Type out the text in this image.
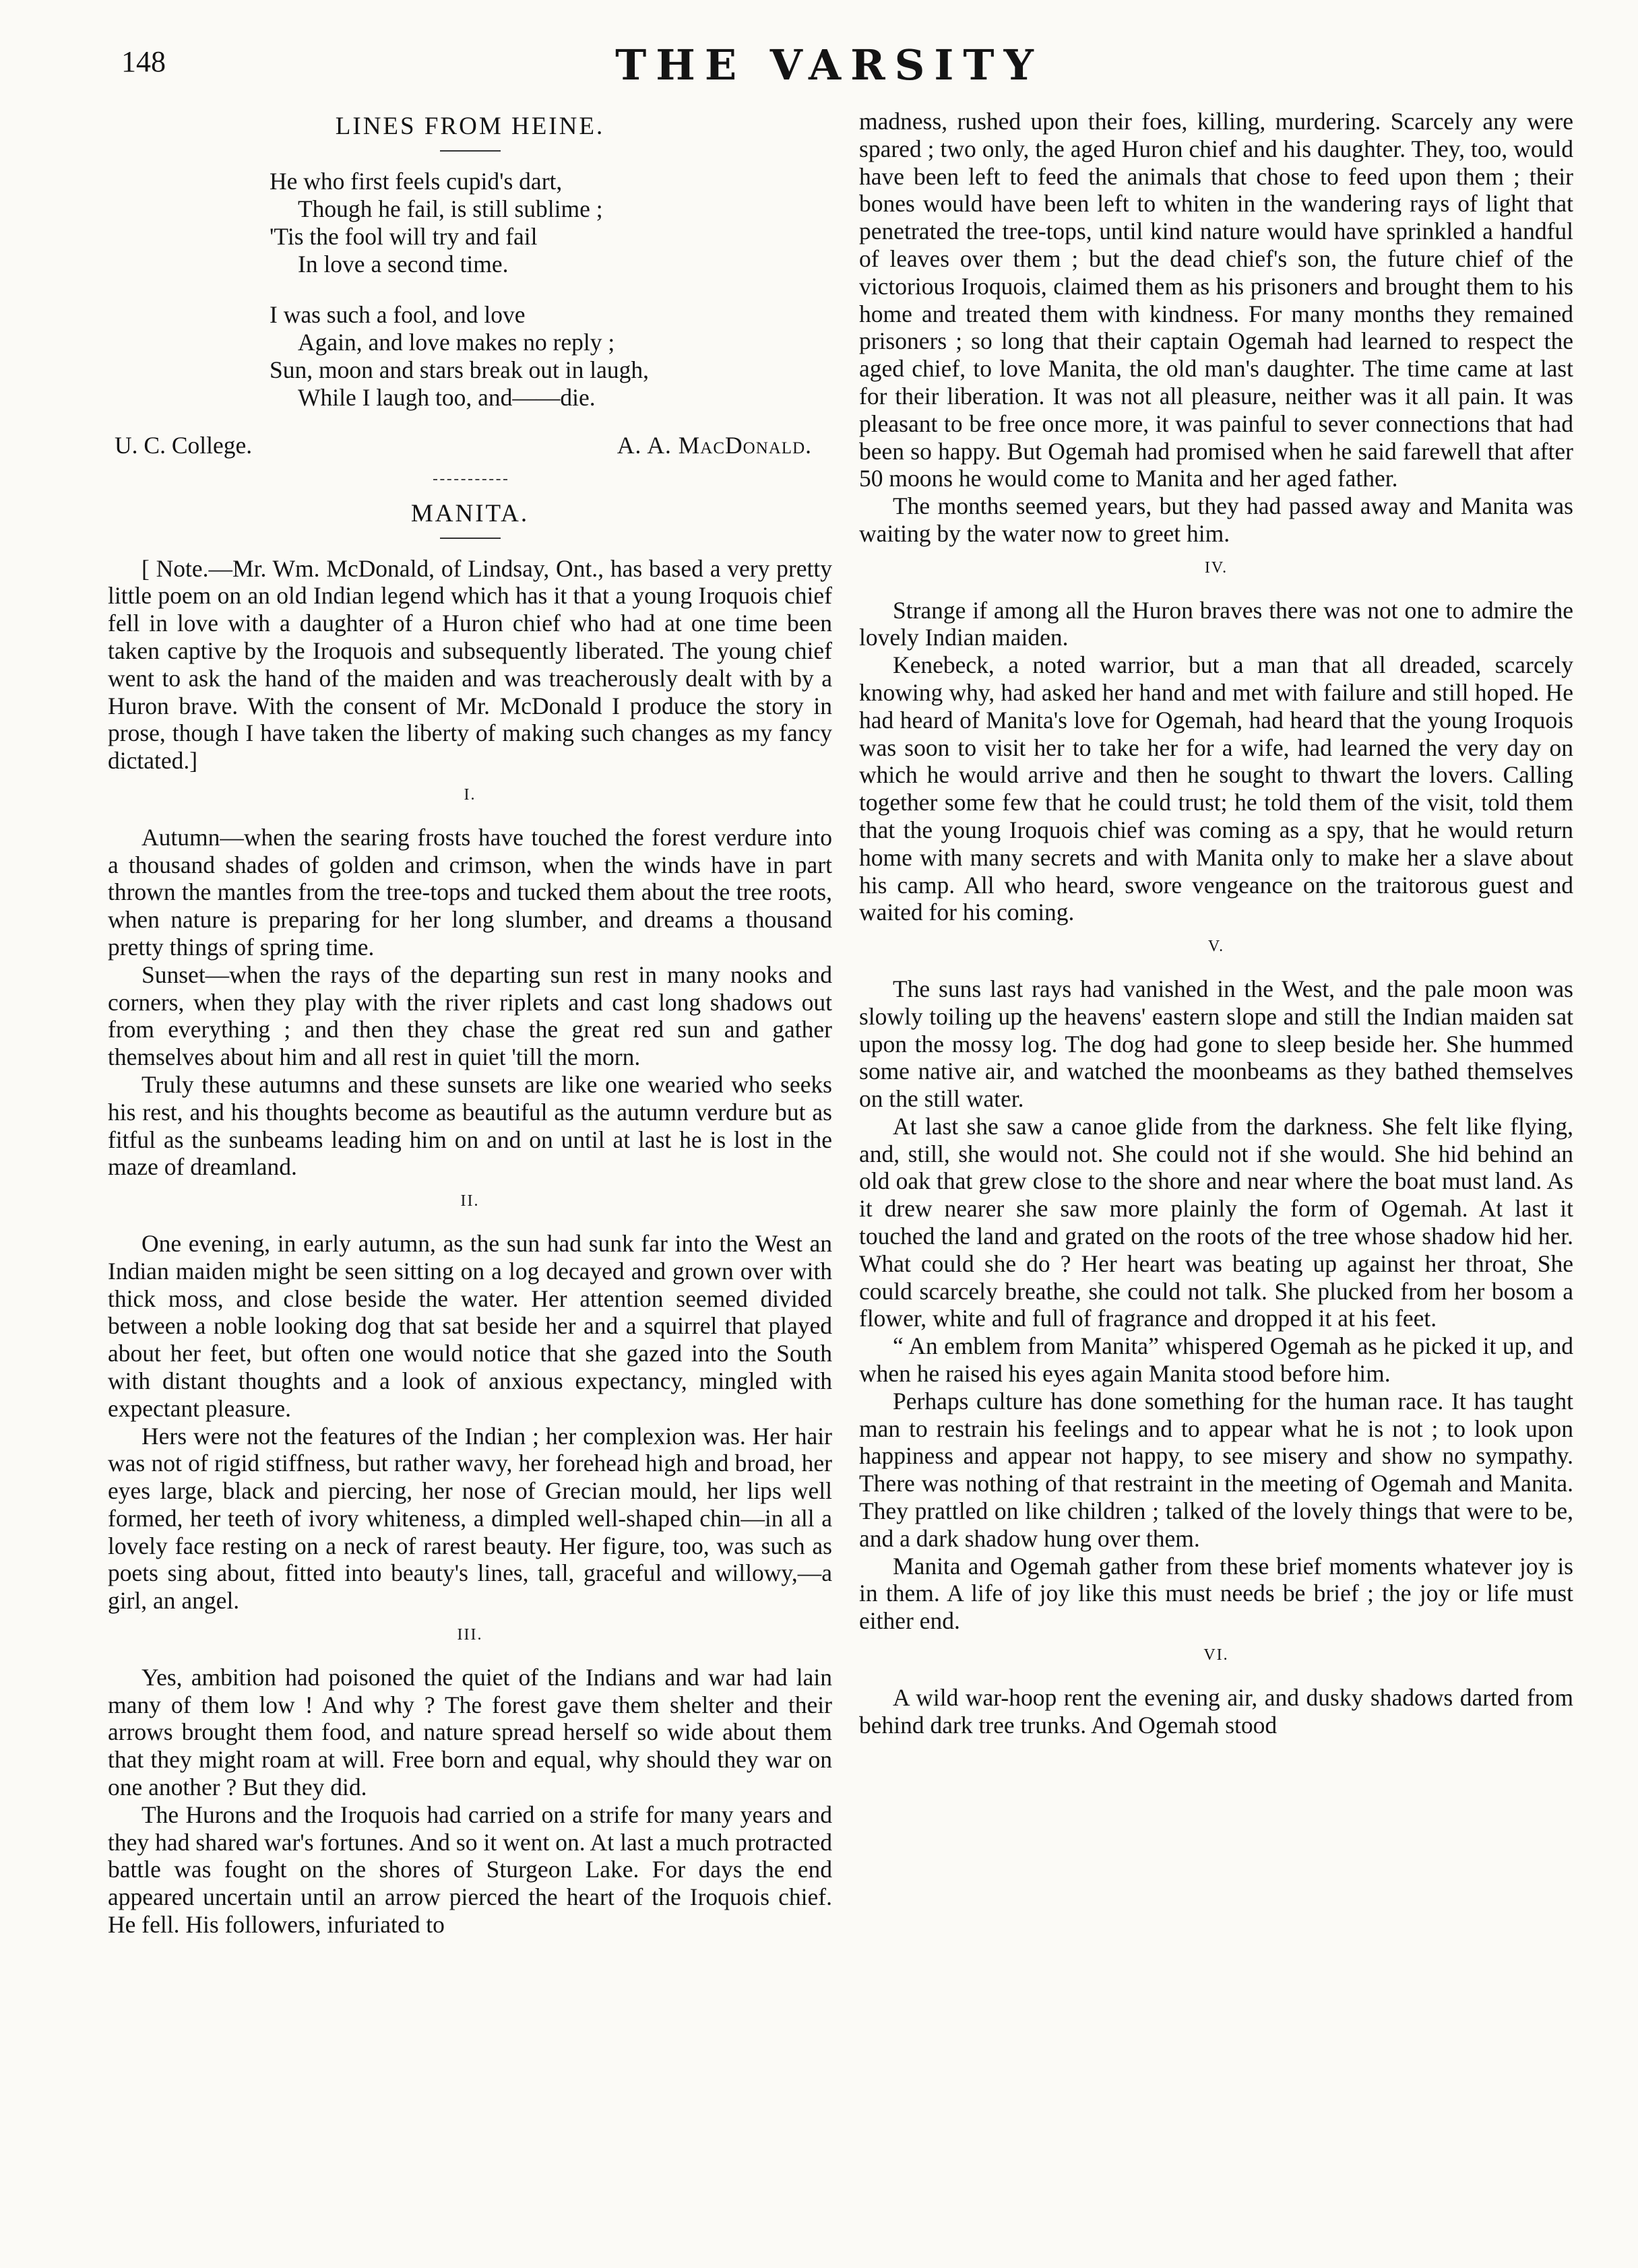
148	THE VARSITY
LINES FROM HEINE.
He who first feels cupid's dart,
Though he fail, is still sublime ;
'Tis the fool will try and fail
In love a second time.
I was such a fool, and love
Again, and love makes no reply ;
Sun, moon and stars break out in laugh,
While I laugh too, and——die.
U. C. College.	A. A. MacDonald.
MANITA.

[ Note.—Mr. Wm. McDonald, of Lindsay, Ont., has based a very pretty little poem on an old Indian legend which has it that a young Iroquois chief fell in love with a daughter of a Huron chief who had at one time been taken captive by the Iroquois and subsequently liberated. The young chief went to ask the hand of the maiden and was treacherously dealt with by a Huron brave. With the consent of Mr. McDonald I produce the story in prose, though I have taken the liberty of making such changes as my fancy dictated.]

I.

Autumn—when the searing frosts have touched the forest verdure into a thousand shades of golden and crimson, when the winds have in part thrown the mantles from the tree-tops and tucked them about the tree roots, when nature is preparing for her long slumber, and dreams a thousand pretty things of spring time.

Sunset—when the rays of the departing sun rest in many nooks and corners, when they play with the river riplets and cast long shadows out from everything ; and then they chase the great red sun and gather themselves about him and all rest in quiet 'till the morn.

Truly these autumns and these sunsets are like one wearied who seeks his rest, and his thoughts become as beautiful as the autumn verdure but as fitful as the sunbeams leading him on and on until at last he is lost in the maze of dreamland.

II.

One evening, in early autumn, as the sun had sunk far into the West an Indian maiden might be seen sitting on a log decayed and grown over with thick moss, and close beside the water. Her attention seemed divided between a noble looking dog that sat beside her and a squirrel that played about her feet, but often one would notice that she gazed into the South with distant thoughts and a look of anxious expectancy, mingled with expectant pleasure.

Hers were not the features of the Indian ; her complexion was. Her hair was not of rigid stiffness, but rather wavy, her forehead high and broad, her eyes large, black and piercing, her nose of Grecian mould, her lips well formed, her teeth of ivory whiteness, a dimpled well-shaped chin—in all a lovely face resting on a neck of rarest beauty. Her figure, too, was such as poets sing about, fitted into beauty's lines, tall, graceful and willowy,—a girl, an angel.

III.

Yes, ambition had poisoned the quiet of the Indians and war had lain many of them low ! And why ? The forest gave them shelter and their arrows brought them food, and nature spread herself so wide about them that they might roam at will. Free born and equal, why should they war on one another ? But they did.

The Hurons and the Iroquois had carried on a strife for many years and they had shared war's fortunes. And so it went on. At last a much protracted battle was fought on the shores of Sturgeon Lake. For days the end appeared uncertain until an arrow pierced the heart of the Iroquois chief. He fell. His followers, infuriated to

madness, rushed upon their foes, killing, murdering. Scarcely any were spared ; two only, the aged Huron chief and his daughter. They, too, would have been left to feed the animals that chose to feed upon them ; their bones would have been left to whiten in the wandering rays of light that penetrated the tree-tops, until kind nature would have sprinkled a handful of leaves over them ; but the dead chief's son, the future chief of the victorious Iroquois, claimed them as his prisoners and brought them to his home and treated them with kindness. For many months they remained prisoners ; so long that their captain Ogemah had learned to respect the aged chief, to love Manita, the old man's daughter. The time came at last for their liberation. It was not all pleasure, neither was it all pain. It was pleasant to be free once more, it was painful to sever connections that had been so happy. But Ogemah had promised when he said farewell that after 50 moons he would come to Manita and her aged father.

The months seemed years, but they had passed away and Manita was waiting by the water now to greet him.

IV.

Strange if among all the Huron braves there was not one to admire the lovely Indian maiden.

Kenebeck, a noted warrior, but a man that all dreaded, scarcely knowing why, had asked her hand and met with failure and still hoped. He had heard of Manita's love for Ogemah, had heard that the young Iroquois was soon to visit her to take her for a wife, had learned the very day on which he would arrive and then he sought to thwart the lovers. Calling together some few that he could trust; he told them of the visit, told them that the young Iroquois chief was coming as a spy, that he would return home with many secrets and with Manita only to make her a slave about his camp. All who heard, swore vengeance on the traitorous guest and waited for his coming.

V.

The suns last rays had vanished in the West, and the pale moon was slowly toiling up the heavens' eastern slope and still the Indian maiden sat upon the mossy log. The dog had gone to sleep beside her. She hummed some native air, and watched the moonbeams as they bathed themselves on the still water.

At last she saw a canoe glide from the darkness. She felt like flying, and, still, she would not. She could not if she would. She hid behind an old oak that grew close to the shore and near where the boat must land. As it drew nearer she saw more plainly the form of Ogemah. At last it touched the land and grated on the roots of the tree whose shadow hid her. What could she do ? Her heart was beating up against her throat, She could scarcely breathe, she could not talk. She plucked from her bosom a flower, white and full of fragrance and dropped it at his feet.

“ An emblem from Manita” whispered Ogemah as he picked it up, and when he raised his eyes again Manita stood before him.

Perhaps culture has done something for the human race. It has taught man to restrain his feelings and to appear what he is not ; to look upon happiness and appear not happy, to see misery and show no sympathy. There was nothing of that restraint in the meeting of Ogemah and Manita. They prattled on like children ; talked of the lovely things that were to be, and a dark shadow hung over them.

Manita and Ogemah gather from these brief moments whatever joy is in them. A life of joy like this must needs be brief ; the joy or life must either end.

VI.

A wild war-hoop rent the evening air, and dusky shadows darted from behind dark tree trunks. And Ogemah stood
